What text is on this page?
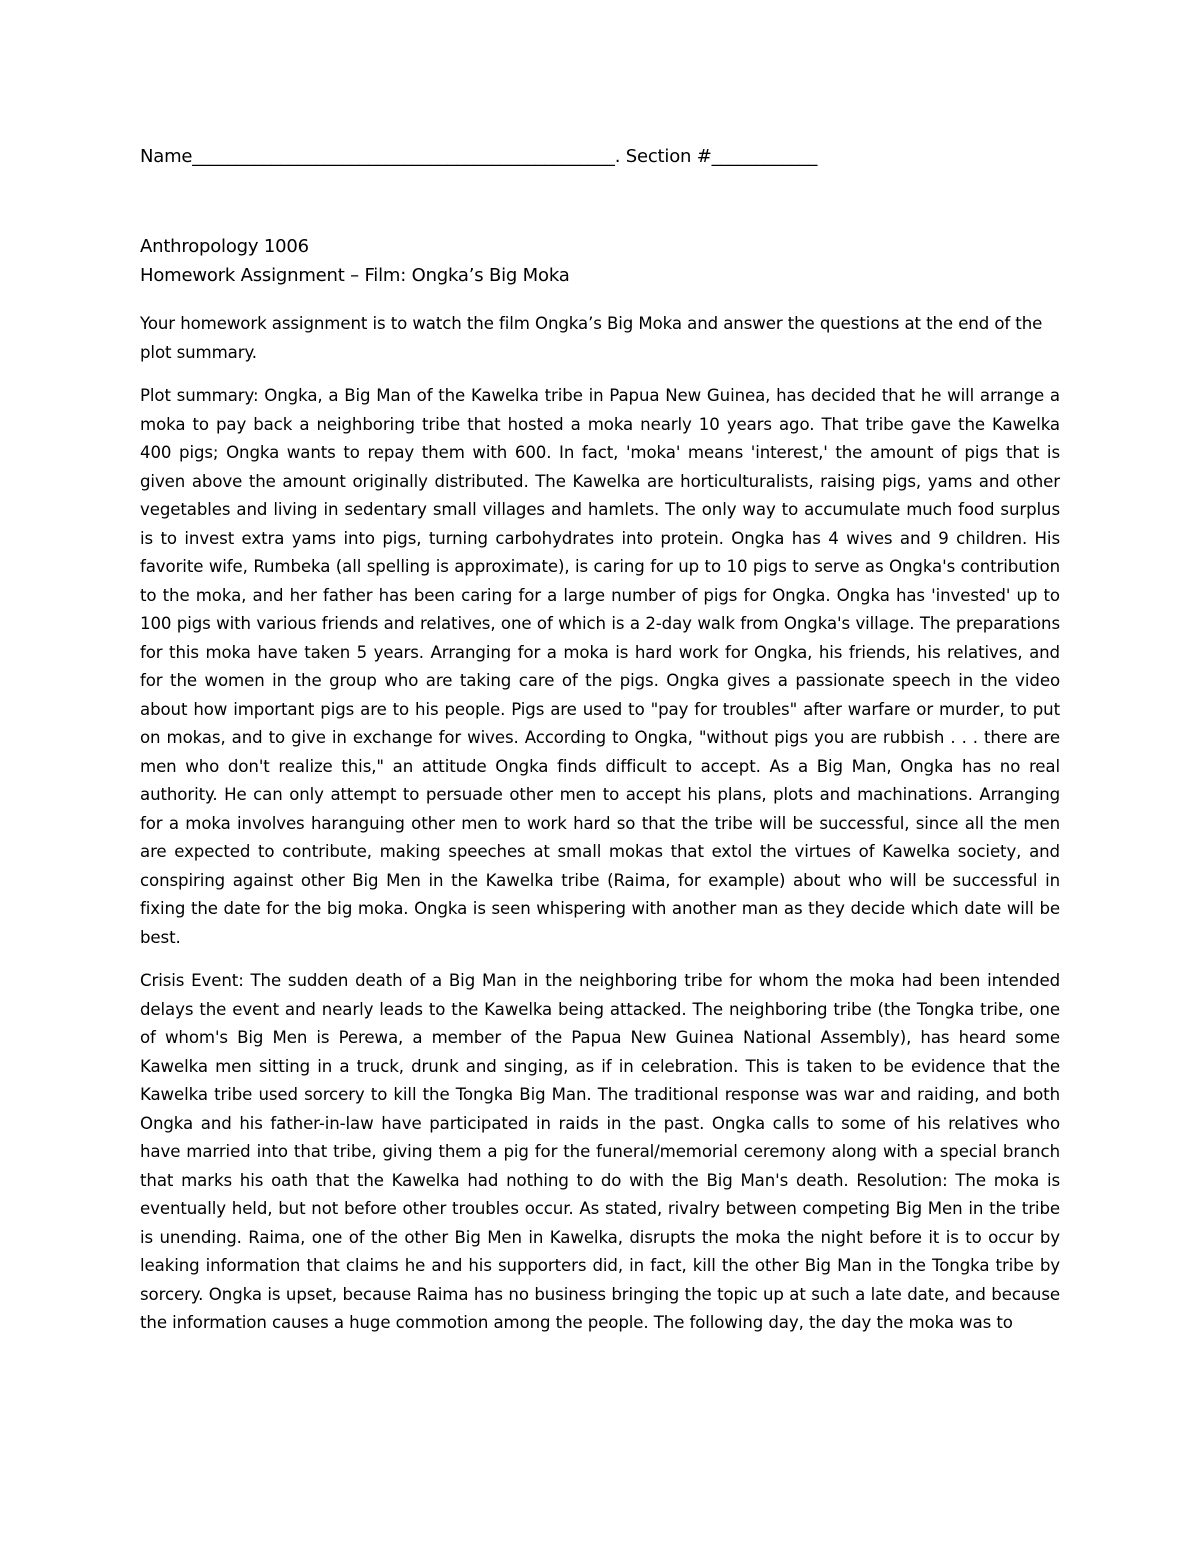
Name________________________________________________. Section #____________
Anthropology 1006
Homework Assignment – Film: Ongka’s Big Moka

Your homework assignment is to watch the film Ongka’s Big Moka and answer the questions at the end of the plot summary.

Plot summary: Ongka, a Big Man of the Kawelka tribe in Papua New Guinea, has decided that he will arrange a moka to pay back a neighboring tribe that hosted a moka nearly 10 years ago. That tribe gave the Kawelka 400 pigs; Ongka wants to repay them with 600. In fact, 'moka' means 'interest,' the amount of pigs that is given above the amount originally distributed. The Kawelka are horticulturalists, raising pigs, yams and other vegetables and living in sedentary small villages and hamlets. The only way to accumulate much food surplus is to invest extra yams into pigs, turning carbohydrates into protein. Ongka has 4 wives and 9 children. His favorite wife, Rumbeka (all spelling is approximate), is caring for up to 10 pigs to serve as Ongka's contribution to the moka, and her father has been caring for a large number of pigs for Ongka. Ongka has 'invested' up to 100 pigs with various friends and relatives, one of which is a 2-day walk from Ongka's village. The preparations for this moka have taken 5 years. Arranging for a moka is hard work for Ongka, his friends, his relatives, and for the women in the group who are taking care of the pigs. Ongka gives a passionate speech in the video about how important pigs are to his people. Pigs are used to "pay for troubles" after warfare or murder, to put on mokas, and to give in exchange for wives. According to Ongka, "without pigs you are rubbish . . . there are men who don't realize this," an attitude Ongka finds difficult to accept. As a Big Man, Ongka has no real authority. He can only attempt to persuade other men to accept his plans, plots and machinations. Arranging for a moka involves haranguing other men to work hard so that the tribe will be successful, since all the men are expected to contribute, making speeches at small mokas that extol the virtues of Kawelka society, and conspiring against other Big Men in the Kawelka tribe (Raima, for example) about who will be successful in fixing the date for the big moka. Ongka is seen whispering with another man as they decide which date will be best.

Crisis Event: The sudden death of a Big Man in the neighboring tribe for whom the moka had been intended delays the event and nearly leads to the Kawelka being attacked. The neighboring tribe (the Tongka tribe, one of whom's Big Men is Perewa, a member of the Papua New Guinea National Assembly), has heard some Kawelka men sitting in a truck, drunk and singing, as if in celebration. This is taken to be evidence that the Kawelka tribe used sorcery to kill the Tongka Big Man. The traditional response was war and raiding, and both Ongka and his father-in-law have participated in raids in the past. Ongka calls to some of his relatives who have married into that tribe, giving them a pig for the funeral/memorial ceremony along with a special branch that marks his oath that the Kawelka had nothing to do with the Big Man's death. Resolution: The moka is eventually held, but not before other troubles occur. As stated, rivalry between competing Big Men in the tribe is unending. Raima, one of the other Big Men in Kawelka, disrupts the moka the night before it is to occur by leaking information that claims he and his supporters did, in fact, kill the other Big Man in the Tongka tribe by sorcery. Ongka is upset, because Raima has no business bringing the topic up at such a late date, and because the information causes a huge commotion among the people. The following day, the day the moka was to
